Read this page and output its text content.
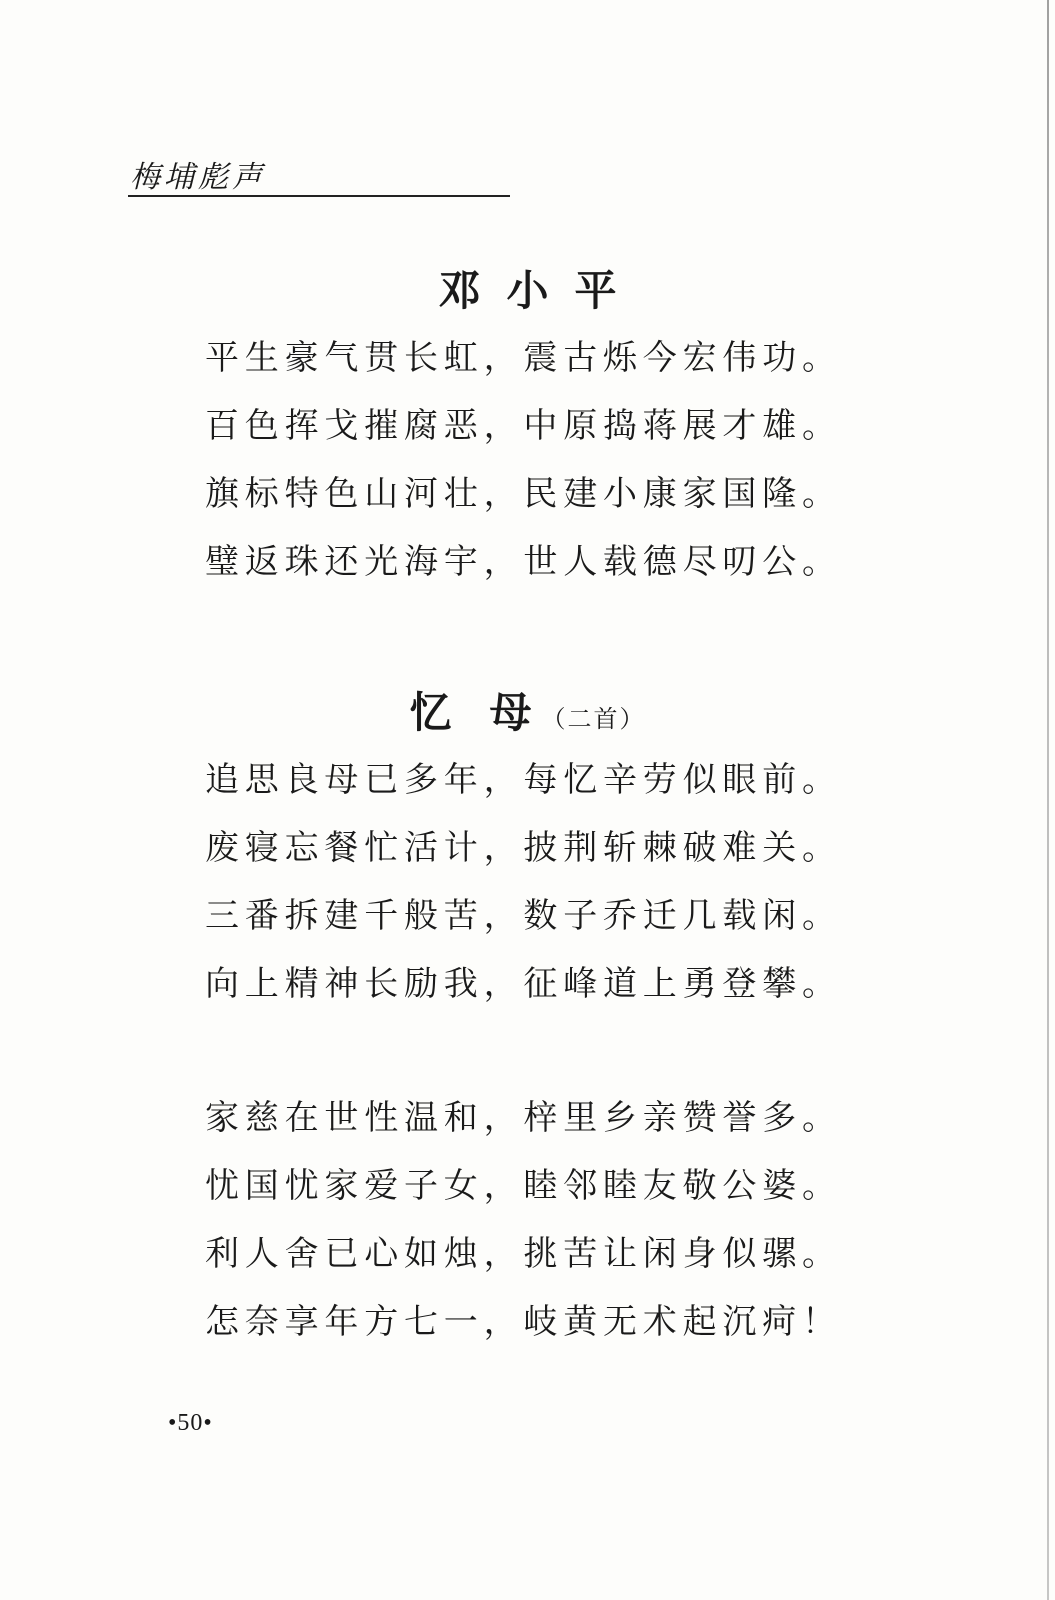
梅埔彪声
邓小平
平生豪气贯长虹，震古烁今宏伟功。
百色挥戈摧腐恶，中原捣蒋展才雄。
旗标特色山河壮，民建小康家国隆。
璧返珠还光海宇，世人载德尽叨公。
忆母（二首）
追思良母已多年，每忆辛劳似眼前。
废寝忘餐忙活计，披荆斩棘破难关。
三番拆建千般苦，数子乔迁几载闲。
向上精神长励我，征峰道上勇登攀。
家慈在世性温和，梓里乡亲赞誉多。
忧国忧家爱子女，睦邻睦友敬公婆。
利人舍已心如烛，挑苦让闲身似骡。
怎奈享年方七一，岐黄无术起沉疴！
•50•
